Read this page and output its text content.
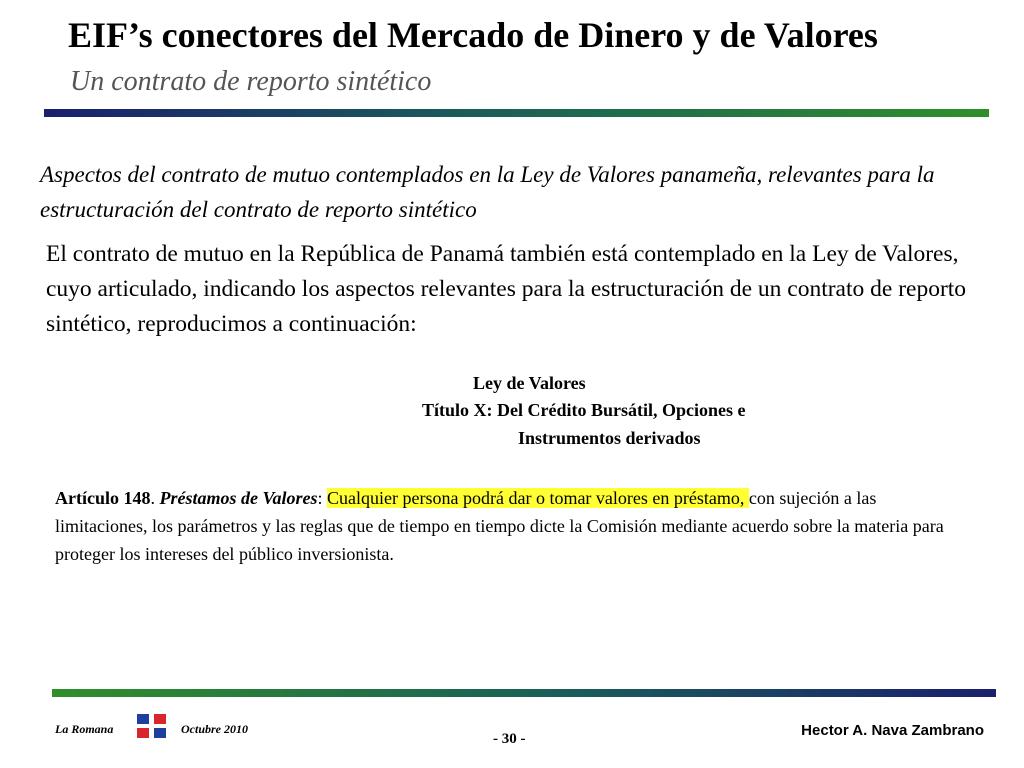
EIF’s conectores del Mercado de Dinero y de Valores
Un contrato de reporto sintético
Aspectos del contrato de mutuo contemplados en la Ley de Valores panameña, relevantes para la estructuración del contrato de reporto sintético
El contrato de mutuo en la República de Panamá también está contemplado en la Ley de Valores, cuyo articulado, indicando los aspectos relevantes para la estructuración de un contrato de reporto sintético, reproducimos a continuación:
Ley de Valores
Título X: Del Crédito Bursátil, Opciones e
Instrumentos derivados
Artículo 148. Préstamos de Valores: Cualquier persona podrá dar o tomar valores en préstamo, con sujeción a las limitaciones, los parámetros y las reglas que de tiempo en tiempo dicte la Comisión mediante acuerdo sobre la materia para proteger los intereses del público inversionista.
La Romana	Octubre 2010
- 30 -	Hector A. Nava Zambrano
